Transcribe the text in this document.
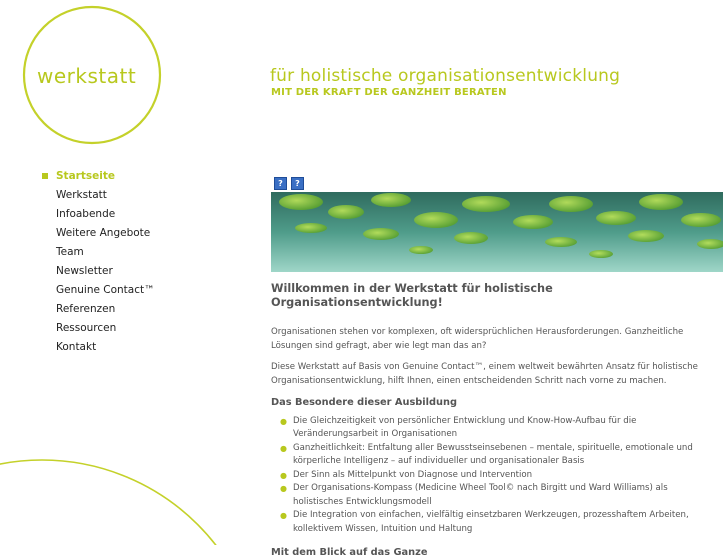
werkstatt	für holistische organisationsentwicklung
MIT DER KRAFT DER GANZHEIT BERATEN
Startseite
Werkstatt
Infoabende
Weitere Angebote
Team
Newsletter
Genuine Contact™
Referenzen
Ressourcen
Kontakt
?	?
Willkommen in der Werkstatt für holistische Organisationsentwicklung!

Organisationen stehen vor komplexen, oft widersprüchlichen Herausforderungen. Ganzheitliche Lösungen sind gefragt, aber wie legt man das an?

Diese Werkstatt auf Basis von Genuine Contact™, einem weltweit bewährten Ansatz für holistische Organisationsentwicklung, hilft Ihnen, einen entscheidenden Schritt nach vorne zu machen.

Das Besondere dieser Ausbildung
● Die Gleichzeitigkeit von persönlicher Entwicklung und Know-How-Aufbau für die Veränderungsarbeit in Organisationen
● Ganzheitlichkeit: Entfaltung aller Bewusstseinsebenen – mentale, spirituelle, emotionale und körperliche Intelligenz – auf individueller und organisationaler Basis
● Der Sinn als Mittelpunkt von Diagnose und Intervention
● Der Organisations-Kompass (Medicine Wheel Tool© nach Birgitt und Ward Williams) als holistisches Entwicklungsmodell
● Die Integration von einfachen, vielfältig einsetzbaren Werkzeugen, prozesshaftem Arbeiten, kollektivem Wissen, Intuition und Haltung
Mit dem Blick auf das Ganze
